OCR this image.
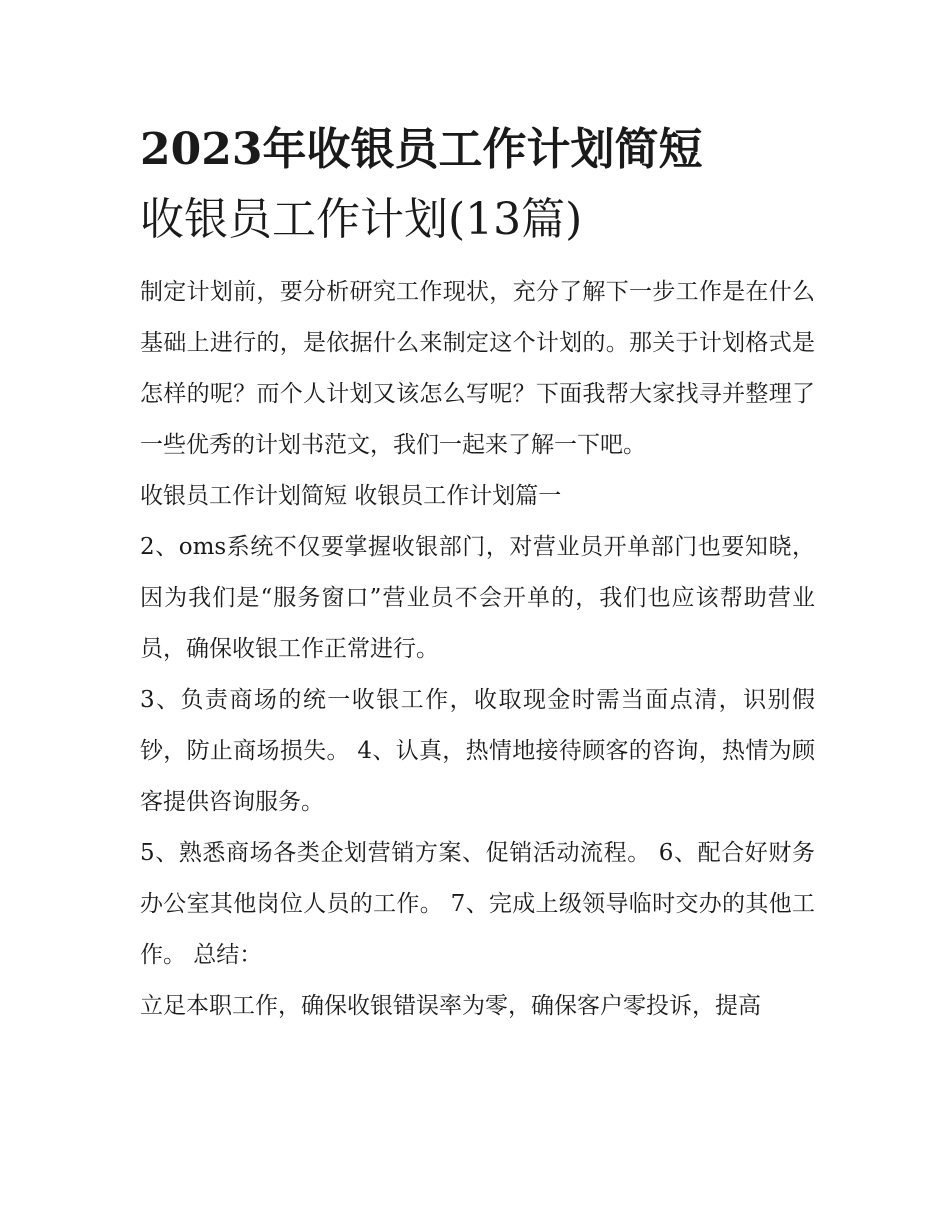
2023年收银员工作计划简短
收银员工作计划(13篇)

制定计划前，要分析研究工作现状，充分了解下一步工作是在什么基础上进行的，是依据什么来制定这个计划的。那关于计划格式是怎样的呢？而个人计划又该怎么写呢？下面我帮大家找寻并整理了一些优秀的计划书范文，我们一起来了解一下吧。

收银员工作计划简短 收银员工作计划篇一

2、oms系统不仅要掌握收银部门，对营业员开单部门也要知晓，因为我们是“服务窗口”营业员不会开单的，我们也应该帮助营业员，确保收银工作正常进行。

3、负责商场的统一收银工作，收取现金时需当面点清，识别假钞，防止商场损失。 4、认真，热情地接待顾客的咨询，热情为顾客提供咨询服务。

5、熟悉商场各类企划营销方案、促销活动流程。 6、配合好财务办公室其他岗位人员的工作。 7、完成上级领导临时交办的其他工作。 总结：

立足本职工作，确保收银错误率为零，确保客户零投诉，提高
